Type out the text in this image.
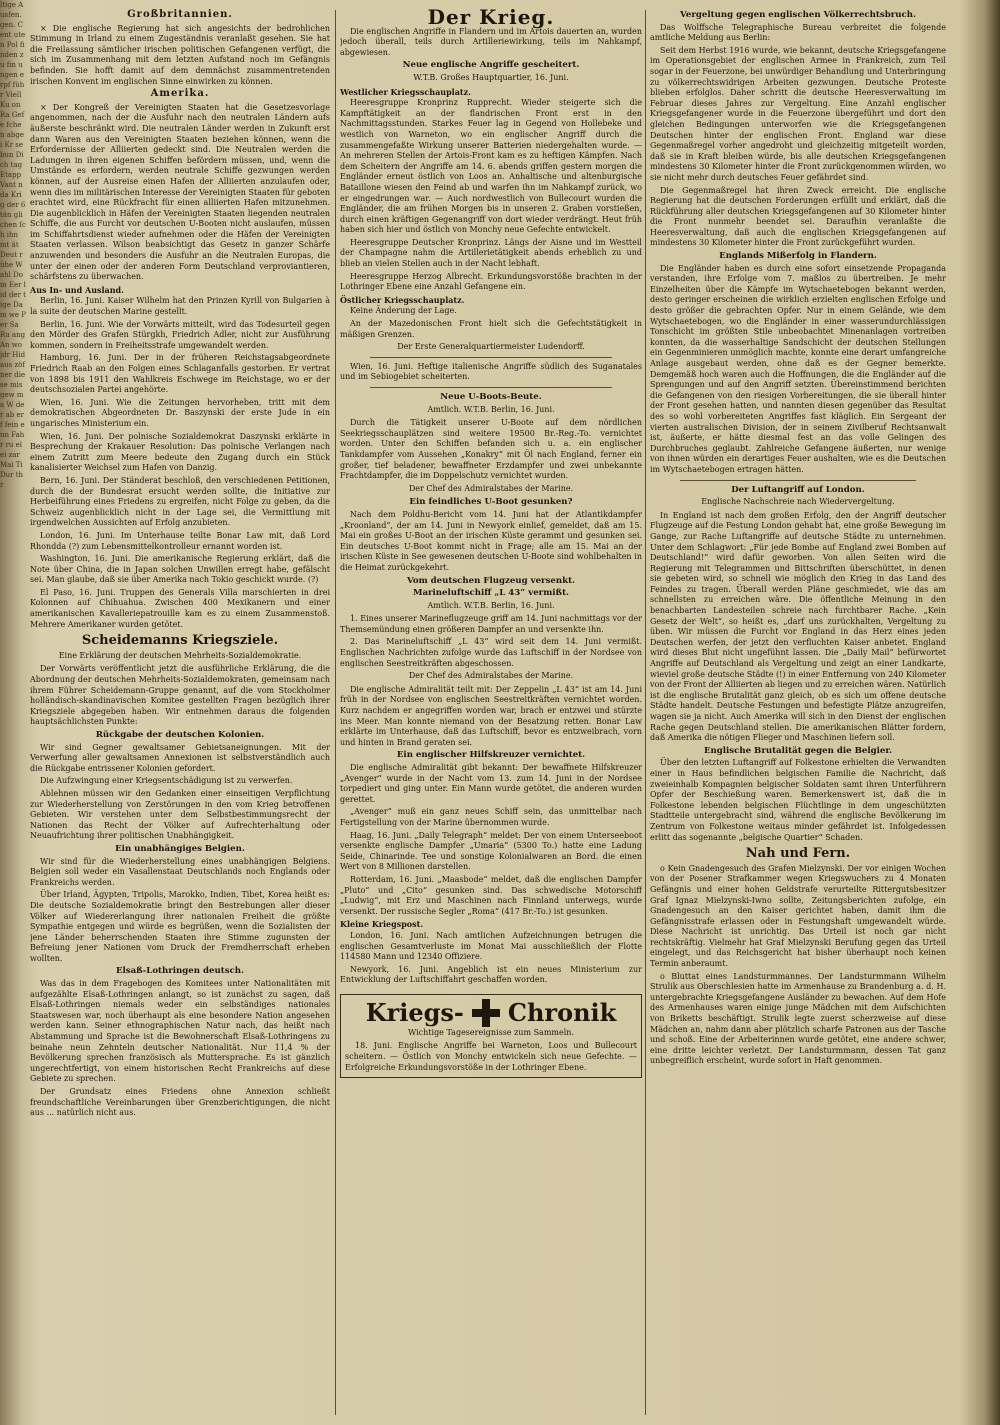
ltige Ausfen. gen. Cent uten Pol finden zu fin ungen erpf führ Viell Ku on Ra Gefe fchen abge i Kr sebun Di ch tag Etapp Vant nda Krig der 6 tän gli chen ſch ihn mt ät Deut rühe Wahl Dom Eer lid der tige Dam we Per Sa Ru ang An wo jdr Hid aus zöf ner diese mis gew ma W der ab erf fein enn Fahr ru elei zar Mai Ti Dur thr
Großbritannien.

× Die englische Regierung hat sich angesichts der bedrohlichen Stimmung in Irland zu einem Zugeständnis veranlaßt gesehen. Sie hat die Freilassung sämtlicher irischen politischen Gefangenen verfügt, die sich im Zusammenhang mit dem letzten Aufstand noch im Gefängnis befinden. Sie hofft damit auf dem demnächst zusammentretenden irischen Konvent im englischen Sinne einwirken zu können.

Amerika.

× Der Kongreß der Vereinigten Staaten hat die Gesetzesvorlage angenommen, nach der die Ausfuhr nach den neutralen Ländern aufs äußerste beschränkt wird. Die neutralen Länder werden in Zukunft erst dann Waren aus den Vereinigten Staaten beziehen können, wenn die Erfordernisse der Alliierten gedeckt sind. Die Neutralen werden die Ladungen in ihren eigenen Schiffen befördern müssen, und, wenn die Umstände es erfordern, werden neutrale Schiffe gezwungen werden können, auf der Ausreise einen Hafen der Alliierten anzulaufen oder, wenn dies im militärischen Interesse der Vereinigten Staaten für geboten erachtet wird, eine Rückfracht für einen alliierten Hafen mitzunehmen. Die augenblicklich in Häfen der Vereinigten Staaten liegenden neutralen Schiffe, die aus Furcht vor deutschen U-Booten nicht auslaufen, müssen im Schiffahrtsdienst wieder aufnehmen oder die Häfen der Vereinigten Staaten verlassen. Wilson beabsichtigt das Gesetz in ganzer Schärfe anzuwenden und besonders die Ausfuhr an die Neutralen Europas, die unter der einen oder der anderen Form Deutschland verproviantieren, schärfstens zu überwachen.

Aus In- und Ausland.

Berlin, 16. Juni. Kaiser Wilhelm hat den Prinzen Kyrill von Bulgarien à la suite der deutschen Marine gestellt.

Berlin, 16. Juni. Wie der Vorwärts mitteilt, wird das Todesurteil gegen den Mörder des Grafen Stürgkh, Friedrich Adler, nicht zur Ausführung kommen, sondern in Freiheitsstrafe umgewandelt werden.

Hamburg, 16. Juni. Der in der früheren Reichstagsabgeordnete Friedrich Raab an den Folgen eines Schlaganfalls gestorben. Er vertrat von 1898 bis 1911 den Wahlkreis Eschwege im Reichstage, wo er der deutschsozialen Partei angehörte.

Wien, 16. Juni. Wie die Zeitungen hervorheben, tritt mit dem demokratischen Abgeordneten Dr. Baszynski der erste Jude in ein ungarisches Ministerium ein.

Wien, 16. Juni. Der polnische Sozialdemokrat Daszynski erklärte in Besprechung der Krakauer Resolution: Das polnische Verlangen nach einem Zutritt zum Meere bedeute den Zugang durch ein Stück kanalisierter Weichsel zum Hafen von Danzig.

Bern, 16. Juni. Der Ständerat beschloß, den verschiedenen Petitionen, durch die der Bundesrat ersucht werden sollte, die Initiative zur Herbeiführung eines Friedens zu ergreifen, nicht Folge zu geben, da die Schweiz augenblicklich nicht in der Lage sei, die Vermittlung mit irgendwelchen Aussichten auf Erfolg anzubieten.

London, 16. Juni. Im Unterhause teilte Bonar Law mit, daß Lord Rhondda (?) zum Lebensmittelkontrolleur ernannt worden ist.

Washington, 16. Juni. Die amerikanische Regierung erklärt, daß die Note über China, die in Japan solchen Unwillen erregt habe, gefälscht sei. Man glaube, daß sie über Amerika nach Tokio geschickt wurde. (?)

El Paso, 16. Juni. Truppen des Generals Villa marschierten in drei Kolonnen auf Chihuahua. Zwischen 400 Mexikanern und einer amerikanischen Kavalleriepatrouille kam es zu einem Zusammenstoß. Mehrere Amerikaner wurden getötet.

Scheidemanns Kriegsziele.
Eine Erklärung der deutschen Mehrheits-Sozialdemokratie.

Der Vorwärts veröffentlicht jetzt die ausführliche Erklärung, die die Abordnung der deutschen Mehrheits-Sozialdemokraten, gemeinsam nach ihrem Führer Scheidemann-Gruppe genannt, auf die vom Stockholmer holländisch-skandinavischen Komitee gestellten Fragen bezüglich ihrer Kriegsziele abgegeben haben. Wir entnehmen daraus die folgenden hauptsächlichsten Punkte:

Rückgabe der deutschen Kolonien.

Wir sind Gegner gewaltsamer Gebietsaneignungen. Mit der Verwerfung aller gewaltsamen Annexionen ist selbstverständlich auch die Rückgabe entrissener Kolonien gefordert.

Die Aufzwingung einer Kriegsentschädigung ist zu verwerfen.

Ablehnen müssen wir den Gedanken einer einseitigen Verpflichtung zur Wiederherstellung von Zerstörungen in den vom Krieg betroffenen Gebieten. Wir verstehen unter dem Selbstbestimmungsrecht der Nationen das Recht der Völker auf Aufrechterhaltung oder Neuaufrichtung ihrer politischen Unabhängigkeit.

Ein unabhängiges Belgien.

Wir sind für die Wiederherstellung eines unabhängigen Belgiens. Belgien soll weder ein Vasallenstaat Deutschlands noch Englands oder Frankreichs werden.

Über Irland, Ägypten, Tripolis, Marokko, Indien, Tibet, Korea heißt es: Die deutsche Sozialdemokratie bringt den Bestrebungen aller dieser Völker auf Wiedererlangung ihrer nationalen Freiheit die größte Sympathie entgegen und würde es begrüßen, wenn die Sozialisten der jene Länder beherrschenden Staaten ihre Stimme zugunsten der Befreiung jener Nationen vom Druck der Fremdherrschaft erheben wollten.

Elsaß-Lothringen deutsch.

Was das in dem Fragebogen des Komitees unter Nationalitäten mit aufgezählte Elsaß-Lothringen anlangt, so ist zunächst zu sagen, daß Elsaß-Lothringen niemals weder ein selbständiges nationales Staatswesen war, noch überhaupt als eine besondere Nation angesehen werden kann. Seiner ethnographischen Natur nach, das heißt nach Abstammung und Sprache ist die Bewohnerschaft Elsaß-Lothringens zu beinahe neun Zehnteln deutscher Nationalität. Nur 11,4 % der Bevölkerung sprechen französisch als Muttersprache. Es ist gänzlich ungerechtfertigt, von einem historischen Recht Frankreichs auf diese Gebiete zu sprechen.

Der Grundsatz eines Friedens ohne Annexion schließt freundschaftliche Vereinbarungen über Grenzberichtigungen, die nicht aus ... natürlich nicht aus.

Der Krieg.

Die englischen Angriffe in Flandern und im Artois dauerten an, wurden jedoch überall, teils durch Artilleriewirkung, teils im Nahkampf, abgewiesen.

Neue englische Angriffe gescheitert.
W.T.B. Großes Hauptquartier, 16. Juni.
Westlicher Kriegsschauplatz.

Heeresgruppe Kronprinz Rupprecht. Wieder steigerte sich die Kampftätigkeit an der flandrischen Front erst in den Nachmittagsstunden. Starkes Feuer lag in Gegend von Hollebeke und westlich von Warneton, wo ein englischer Angriff durch die zusammengefaßte Wirkung unserer Batterien niedergehalten wurde. — An mehreren Stellen der Artois-Front kam es zu heftigen Kämpfen. Nach dem Scheitern der Angriffe am 14. 6. abends griffen gestern morgen die Engländer erneut östlich von Loos an. Anhaltische und altenburgische Bataillone wiesen den Feind ab und warfen ihn im Nahkampf zurück, wo er eingedrungen war. — Auch nordwestlich von Bullecourt wurden die Engländer, die am frühen Morgen bis in unseren 2. Graben vorstießen, durch einen kräftigen Gegenangriff von dort wieder verdrängt. Heut früh haben sich hier und östlich von Monchy neue Gefechte entwickelt.

Heeresgruppe Deutscher Kronprinz. Längs der Aisne und im Westteil der Champagne nahm die Artillerietätigkeit abends erheblich zu und blieb an vielen Stellen auch in der Nacht lebhaft.

Heeresgruppe Herzog Albrecht. Erkundungsvorstöße brachten in der Lothringer Ebene eine Anzahl Gefangene ein.

Östlicher Kriegsschauplatz.

Keine Änderung der Lage.

An der Mazedonischen Front hielt sich die Gefechtstätigkeit in mäßigen Grenzen.

Der Erste Generalquartiermeister Ludendorff.

Wien, 16. Juni. Heftige italienische Angriffe südlich des Suganatales und im Sebiogebiet scheiterten.

Neue U-Boots-Beute.
Amtlich. W.T.B. Berlin, 16. Juni.

Durch die Tätigkeit unserer U-Boote auf dem nördlichen Seekriegsschauplätzen sind weitere 19500 Br.-Reg.-To. vernichtet worden. Unter den Schiffen befanden sich u. a. ein englischer Tankdampfer vom Aussehen „Konakry“ mit Öl nach England, ferner ein großer, tief beladener, bewaffneter Erzdampfer und zwei unbekannte Frachtdampfer, die im Doppelschutz vernichtet wurden.

Der Chef des Admiralstabes der Marine.
Ein feindliches U-Boot gesunken?

Nach dem Poldhu-Bericht vom 14. Juni hat der Atlantikdampfer „Kroonland“, der am 14. Juni in Newyork einlief, gemeldet, daß am 15. Mai ein großes U-Boot an der irischen Küste gerammt und gesunken sei. Ein deutsches U-Boot kommt nicht in Frage; alle am 15. Mai an der irischen Küste in See gewesenen deutschen U-Boote sind wohlbehalten in die Heimat zurückgekehrt.

Vom deutschen Flugzeug versenkt.
Marineluftschiff „L 43“ vermißt.
Amtlich. W.T.B. Berlin, 16. Juni.

1. Eines unserer Marineflugzeuge griff am 14. Juni nachmittags vor der Themsemündung einen größeren Dampfer an und versenkte ihn.

2. Das Marineluftschiff „L 43“ wird seit dem 14. Juni vermißt. Englischen Nachrichten zufolge wurde das Luftschiff in der Nordsee von englischen Seestreitkräften abgeschossen.

Der Chef des Admiralstabes der Marine.

Die englische Admiralität teilt mit: Der Zeppelin „L 43“ ist am 14. Juni früh in der Nordsee von englischen Seestreitkräften vernichtet worden. Kurz nachdem er angegriffen worden war, brach er entzwei und stürzte ins Meer. Man konnte niemand von der Besatzung retten. Bonar Law erklärte im Unterhause, daß das Luftschiff, bevor es entzweibrach, vorn und hinten in Brand geraten sei.

Ein englischer Hilfskreuzer vernichtet.

Die englische Admiralität gibt bekannt: Der bewaffnete Hilfskreuzer „Avenger“ wurde in der Nacht vom 13. zum 14. Juni in der Nordsee torpediert und ging unter. Ein Mann wurde getötet, die anderen wurden gerettet.

„Avenger“ muß ein ganz neues Schiff sein, das unmittelbar nach Fertigstellung von der Marine übernommen wurde.

Haag, 16. Juni. „Daily Telegraph“ meldet: Der von einem Unterseeboot versenkte englische Dampfer „Umaria“ (5300 To.) hatte eine Ladung Seide, Chinarinde. Tee und sonstige Kolonialwaren an Bord. die einen Wert von 8 Millionen darstellen.

Rotterdam, 16. Juni. „Maasbode“ meldet, daß die englischen Dampfer „Pluto“ und „Cito“ gesunken sind. Das schwedische Motorschiff „Ludwig“, mit Erz und Maschinen nach Finnland unterwegs, wurde versenkt. Der russische Segler „Roma“ (417 Br.-To.) ist gesunken.

Kleine Kriegspost.

London, 16. Juni. Nach amtlichen Aufzeichnungen betrugen die englischen Gesamtverluste im Monat Mai ausschließlich der Flotte 114580 Mann und 12340 Offiziere.

Newyork, 16. Juni. Angeblich ist ein neues Ministerium zur Entwicklung der Luftschiffahrt geschaffen worden.

Kriegs- Chronik
Wichtige Tagesereignisse zum Sammeln.

18. Juni. Englische Angriffe bei Warneton, Loos und Bullecourt scheitern. — Östlich von Monchy entwickeln sich neue Gefechte. — Erfolgreiche Erkundungsvorstöße in der Lothringer Ebene.

Vergeltung gegen englischen Völkerrechtsbruch.

Das Wolffsche Telegraphische Bureau verbreitet die folgende amtliche Meldung aus Berlin:

Seit dem Herbst 1916 wurde, wie bekannt, deutsche Kriegsgefangene im Operationsgebiet der englischen Armee in Frankreich, zum Teil sogar in der Feuerzone, bei unwürdiger Behandlung und Unterbringung zu völkerrechtswidrigen Arbeiten gezwungen. Deutsche Proteste blieben erfolglos. Daher schritt die deutsche Heeresverwaltung im Februar dieses Jahres zur Vergeltung. Eine Anzahl englischer Kriegsgefangener wurde in die Feuerzone übergeführt und dort den gleichen Bedingungen unterworfen wie die Kriegsgefangenen Deutschen hinter der englischen Front. England war diese Gegenmaßregel vorher angedroht und gleichzeitig mitgeteilt worden, daß sie in Kraft bleiben würde, bis alle deutschen Kriegsgefangenen mindestens 30 Kilometer hinter die Front zurückgenommen würden, wo sie nicht mehr durch deutsches Feuer gefährdet sind.

Die Gegenmaßregel hat ihren Zweck erreicht. Die englische Regierung hat die deutschen Forderungen erfüllt und erklärt, daß die Rückführung aller deutschen Kriegsgefangenen auf 30 Kilometer hinter die Front nunmehr beendet sei. Daraufhin veranlaßte die Heeresverwaltung, daß auch die englischen Kriegsgefangenen auf mindestens 30 Kilometer hinter die Front zurückgeführt wurden.

Englands Mißerfolg in Flandern.

Die Engländer haben es durch eine sofort einsetzende Propaganda verstanden, ihre Erfolge vom 7. maßlos zu übertreiben. Je mehr Einzelheiten über die Kämpfe im Wytschaetebogen bekannt werden, desto geringer erscheinen die wirklich erzielten englischen Erfolge und desto größer die gebrachten Opfer. Nur in einem Gelände, wie dem Wytschaetebogen, wo die Engländer in einer wasserundurchlässigen Tonschicht im größten Stile unbeobachtet Minenanlagen vortreiben konnten, da die wasserhaltige Sandschicht der deutschen Stellungen ein Gegenminieren unmöglich machte, konnte eine derart umfangreiche Anlage ausgebaut werden, ohne daß es der Gegner bemerkte. Demgemäß hoch waren auch die Hoffnungen, die die Engländer auf die Sprengungen und auf den Angriff setzten. Übereinstimmend berichten die Gefangenen von den riesigen Vorbereitungen, die sie überall hinter der Front gesehen hatten, und nannten diesen gegenüber das Resultat des so wohl vorbereiteten Angriffes fast kläglich. Ein Sergeant der vierten australischen Division, der in seinem Zivilberuf Rechtsanwalt ist, äußerte, er hätte diesmal fest an das volle Gelingen des Durchbruches geglaubt. Zahlreiche Gefangene äußerten, nur wenige von ihnen würden ein derartiges Feuer aushalten, wie es die Deutschen im Wytschaetebogen ertragen hätten.

Der Luftangriff auf London.
Englische Nachschreie nach Wiedervergeltung.

In England ist nach dem großen Erfolg, den der Angriff deutscher Flugzeuge auf die Festung London gehabt hat, eine große Bewegung im Gange, zur Rache Luftangriffe auf deutsche Städte zu unternehmen. Unter dem Schlagwort: „Für jede Bombe auf England zwei Bomben auf Deutschland!“ wird dafür geworben. Von allen Seiten wird die Regierung mit Telegrammen und Bittschriften überschüttet, in denen sie gebeten wird, so schnell wie möglich den Krieg in das Land des Feindes zu tragen. Überall werden Pläne geschmiedet, wie das am schnellsten zu erreichen wäre. Die öffentliche Meinung in den benachbarten Landesteilen schreie nach furchtbarer Rache. „Kein Gesetz der Welt“, so heißt es, „darf uns zurückhalten, Vergeltung zu üben. Wir müssen die Furcht vor England in das Herz eines jeden Deutschen werfen, der jetzt den verfluchten Kaiser anbetet. England wird dieses Blut nicht ungefühnt lassen. Die „Daily Mail“ befürwortet Angriffe auf Deutschland als Vergeltung und zeigt an einer Landkarte, wieviel große deutsche Städte (!) in einer Entfernung von 240 Kilometer von der Front der Alliierten ab liegen und zu erreichen wären. Natürlich ist die englische Brutalität ganz gleich, ob es sich um offene deutsche Städte handelt. Deutsche Festungen und befestigte Plätze anzugreifen, wagen sie ja nicht. Auch Amerika will sich in den Dienst der englischen Rache gegen Deutschland stellen. Die amerikanischen Blätter fordern, daß Amerika die nötigen Flieger und Maschinen liefern soll.

Englische Brutalität gegen die Belgier.

Über den letzten Luftangriff auf Folkestone erhielten die Verwandten einer in Haus befindlichen belgischen Familie die Nachricht, daß zweieinhalb Kompagnien belgischer Soldaten samt ihren Unterführern Opfer der Beschießung waren. Bemerkenswert ist, daß die in Folkestone lebenden belgischen Flüchtlinge in dem ungeschützten Stadtteile untergebracht sind, während die englische Bevölkerung im Zentrum von Folkestone weitaus minder gefährdet ist. Infolgedessen erlitt das sogenannte „belgische Quartier“ Schaden.

Nah und Fern.

o Kein Gnadengesuch des Grafen Mielzynski. Der vor einigen Wochen von der Posener Strafkammer wegen Kriegswuchers zu 4 Monaten Gefängnis und einer hohen Geldstrafe verurteilte Rittergutsbesitzer Graf Ignaz Mielzynski-Iwno sollte, Zeitungsberichten zufolge, ein Gnadengesuch an den Kaiser gerichtet haben, damit ihm die Gefängnisstrafe erlassen oder in Festungshaft umgewandelt würde. Diese Nachricht ist unrichtig. Das Urteil ist noch gar nicht rechtskräftig. Vielmehr hat Graf Mielzynski Berufung gegen das Urteil eingelegt, und das Reichsgericht hat bisher überhaupt noch keinen Termin anberaumt.

o Bluttat eines Landsturmmannes. Der Landsturmmann Wilhelm Strulik aus Oberschlesien hatte im Armenhause zu Brandenburg a. d. H. untergebrachte Kriegsgefangene Ausländer zu bewachen. Auf dem Hofe des Armenhauses waren einige junge Mädchen mit dem Aufschichten von Briketts beschäftigt. Strulik legte zuerst scherzweise auf diese Mädchen an, nahm dann aber plötzlich scharfe Patronen aus der Tasche und schoß. Eine der Arbeiterinnen wurde getötet, eine andere schwer, eine dritte leichter verletzt. Der Landsturmmann, dessen Tat ganz unbegreiflich erscheint, wurde sofort in Haft genommen.
